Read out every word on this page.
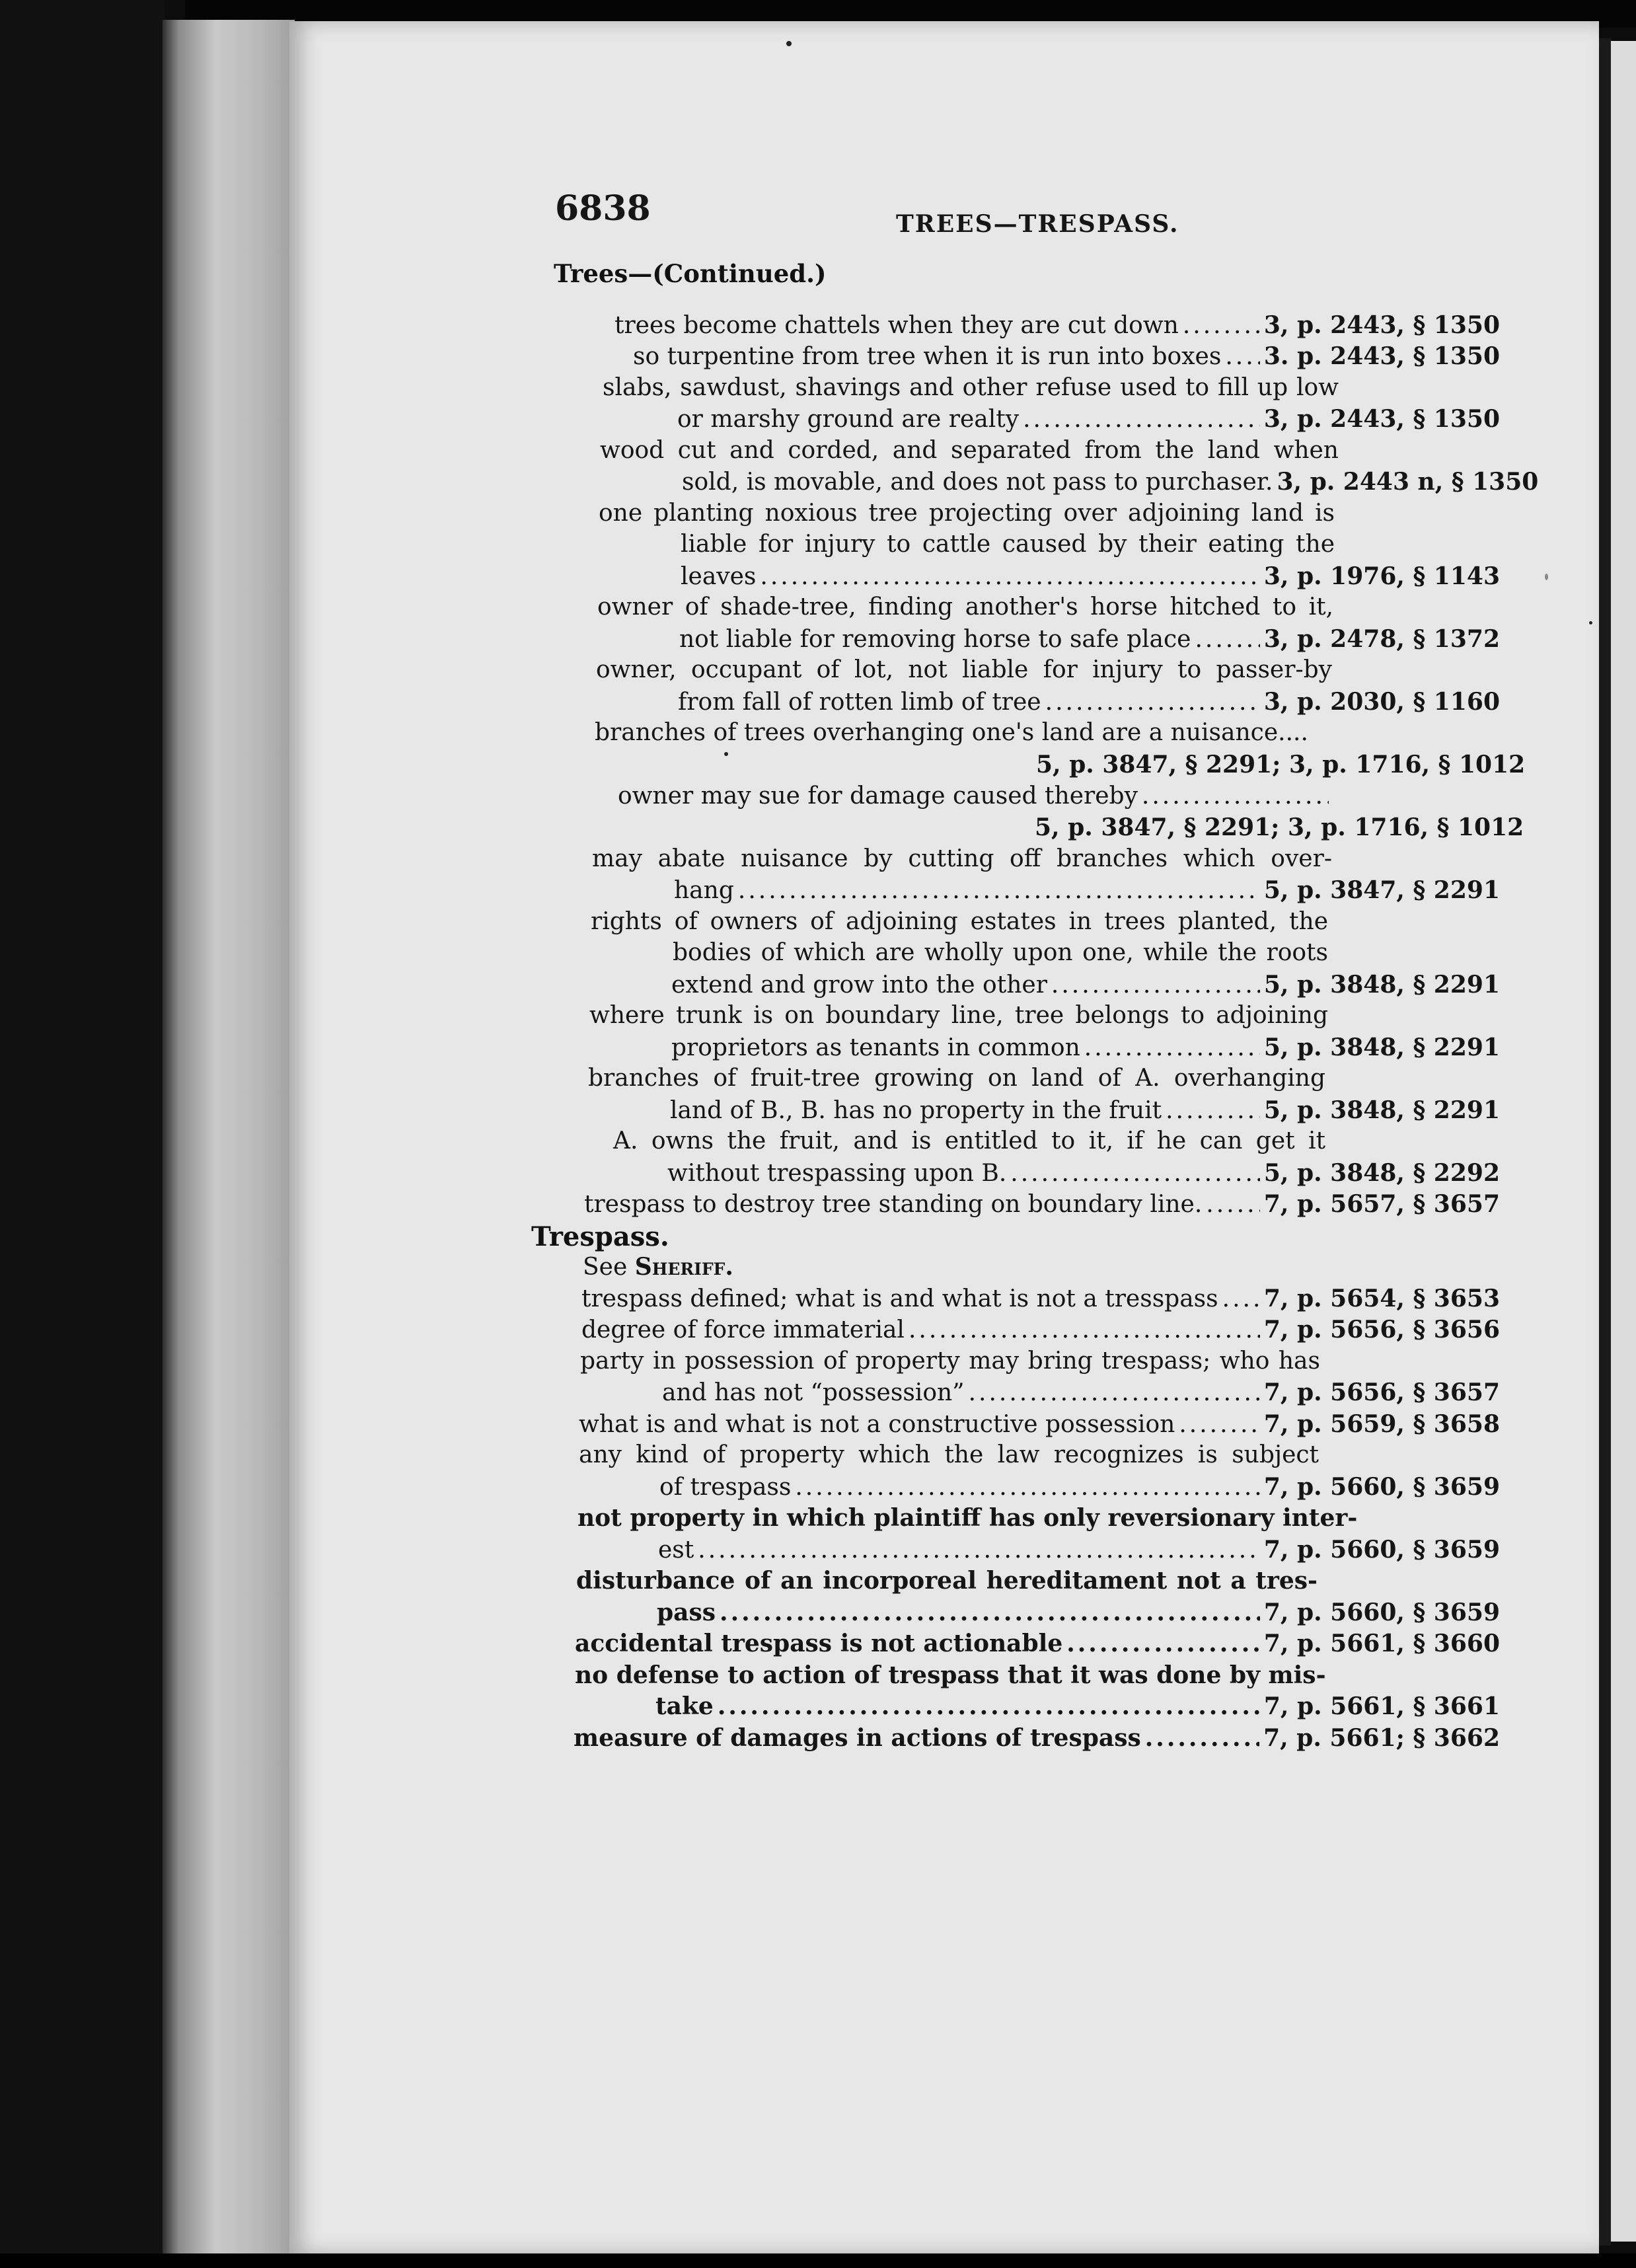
6838	TREES—TRESPASS.
Trees—(Continued.)
trees become chattels when they are cut down .....	3, p. 2443, § 1350
so turpentine from tree when it is run into boxes ..... 3. p. 2443, § 1350
slabs, sawdust, shavings and other refuse used to fill up low
or marshy ground are realty .....	3, p. 2443, § 1350
wood cut and corded, and separated from the land when
sold, is movable, and does not pass to purchaser. 3, p. 2443 n, § 1350
one planting noxious tree projecting over adjoining land is
liable for injury to cattle caused by their eating the
leaves .....	3, p. 1976, § 1143
owner of shade-tree, finding another's horse hitched to it,
not liable for removing horse to safe place .....	3, p. 2478, § 1372
owner, occupant of lot, not liable for injury to passer-by
from fall of rotten limb of tree .....	3, p. 2030, § 1160
branches of trees overhanging one's land are a nuisance....
5, p. 3847, § 2291; 3, p. 1716, § 1012
owner may sue for damage caused thereby
.....
5, p. 3847, § 2291; 3, p. 1716, § 1012
may abate nuisance by cutting off branches which over-
hang .....	5, p. 3847, § 2291
rights of owners of adjoining estates in trees planted, the
bodies of which are wholly upon one, while the roots
extend and grow into the other .....	5, p. 3848, § 2291
where trunk is on boundary line, tree belongs to adjoining
proprietors as tenants in common .....	5, p. 3848, § 2291
branches of fruit-tree growing on land of A. overhanging
land of B., B. has no property in the fruit .....	5, p. 3848, § 2291
A. owns the fruit, and is entitled to it, if he can get it
without trespassing upon B. .....	5, p. 3848, § 2292
trespass to destroy tree standing on boundary line. .....	7, p. 5657, § 3657
Trespass.
See Sheriff.
trespass defined; what is and what is not a tresspass ..... 7, p. 5654, § 3653
degree of force immaterial .....	7, p. 5656, § 3656
party in possession of property may bring trespass; who has
and has not “possession” .....	7, p. 5656, § 3657
what is and what is not a constructive possession .....	7, p. 5659, § 3658
any kind of property which the law recognizes is subject
of trespass .....	7, p. 5660, § 3659
not property in which plaintiff has only reversionary inter-
est .....	7, p. 5660, § 3659
disturbance of an incorporeal hereditament not a tres-
pass .....	7, p. 5660, § 3659
accidental trespass is not actionable .....	7, p. 5661, § 3660
no defense to action of trespass that it was done by mis-
take .....	7, p. 5661, § 3661
measure of damages in actions of trespass .....	7, p. 5661; § 3662
